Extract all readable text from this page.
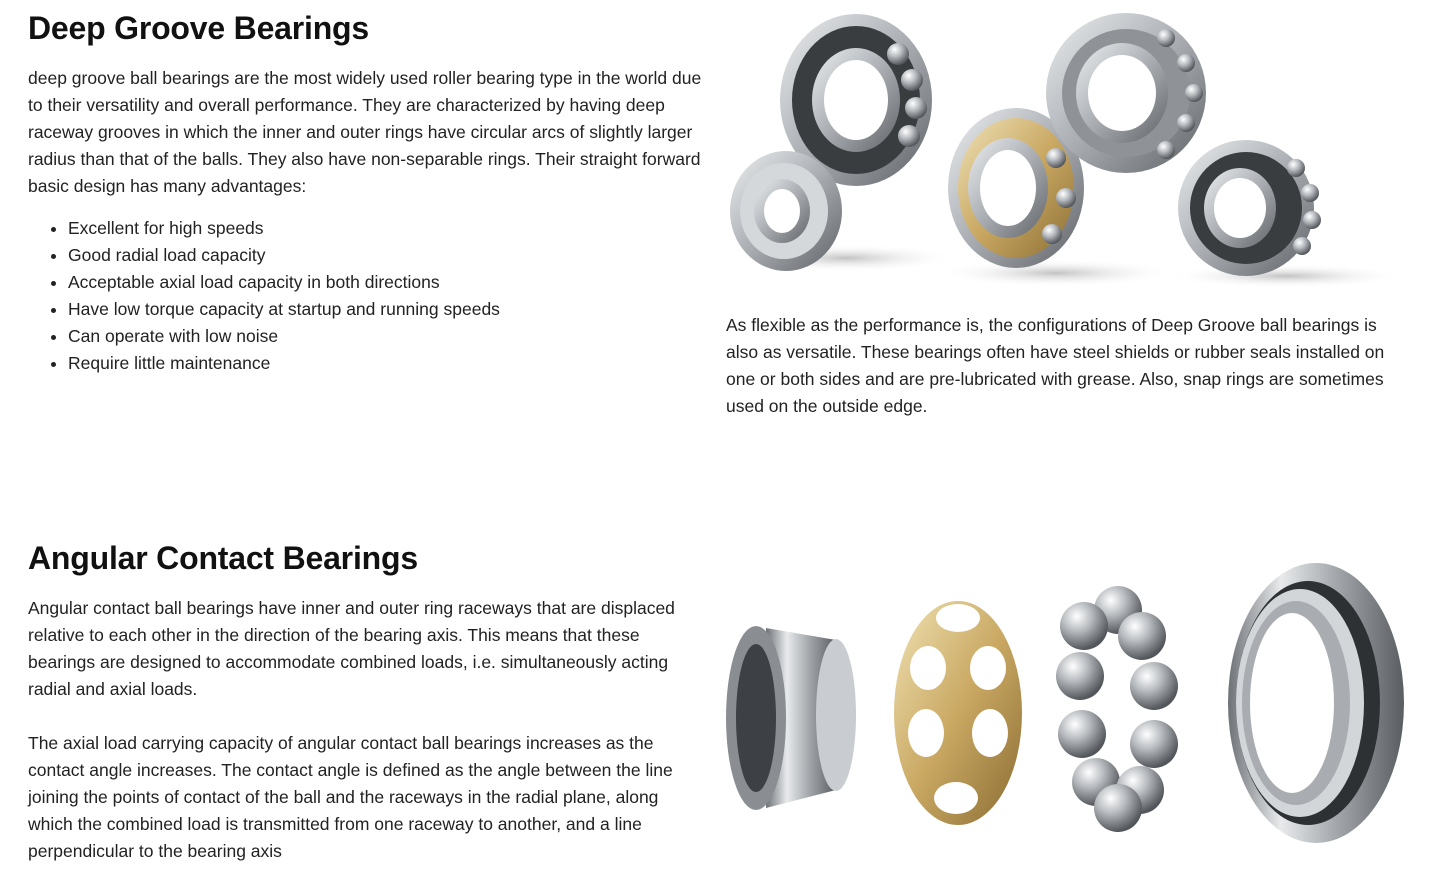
Deep Groove Bearings

deep groove ball bearings are the most widely used roller bearing type in the world due to their versatility and overall performance. They are characterized by having deep raceway grooves in which the inner and outer rings have circular arcs of slightly larger radius than that of the balls. They also have non-separable rings. Their straight forward basic design has many advantages:

• Excellent for high speeds
• Good radial load capacity
• Acceptable axial load capacity in both directions
• Have low torque capacity at startup and running speeds
• Can operate with low noise
• Require little maintenance

As flexible as the performance is, the configurations of Deep Groove ball bearings is also as versatile. These bearings often have steel shields or rubber seals installed on one or both sides and are pre-lubricated with grease. Also, snap rings are sometimes used on the outside edge.

Angular Contact Bearings

Angular contact ball bearings have inner and outer ring raceways that are displaced relative to each other in the direction of the bearing axis. This means that these bearings are designed to accommodate combined loads, i.e. simultaneously acting radial and axial loads.

The axial load carrying capacity of angular contact ball bearings increases as the contact angle increases. The contact angle is defined as the angle between the line joining the points of contact of the ball and the raceways in the radial plane, along which the combined load is transmitted from one raceway to another, and a line perpendicular to the bearing axis
